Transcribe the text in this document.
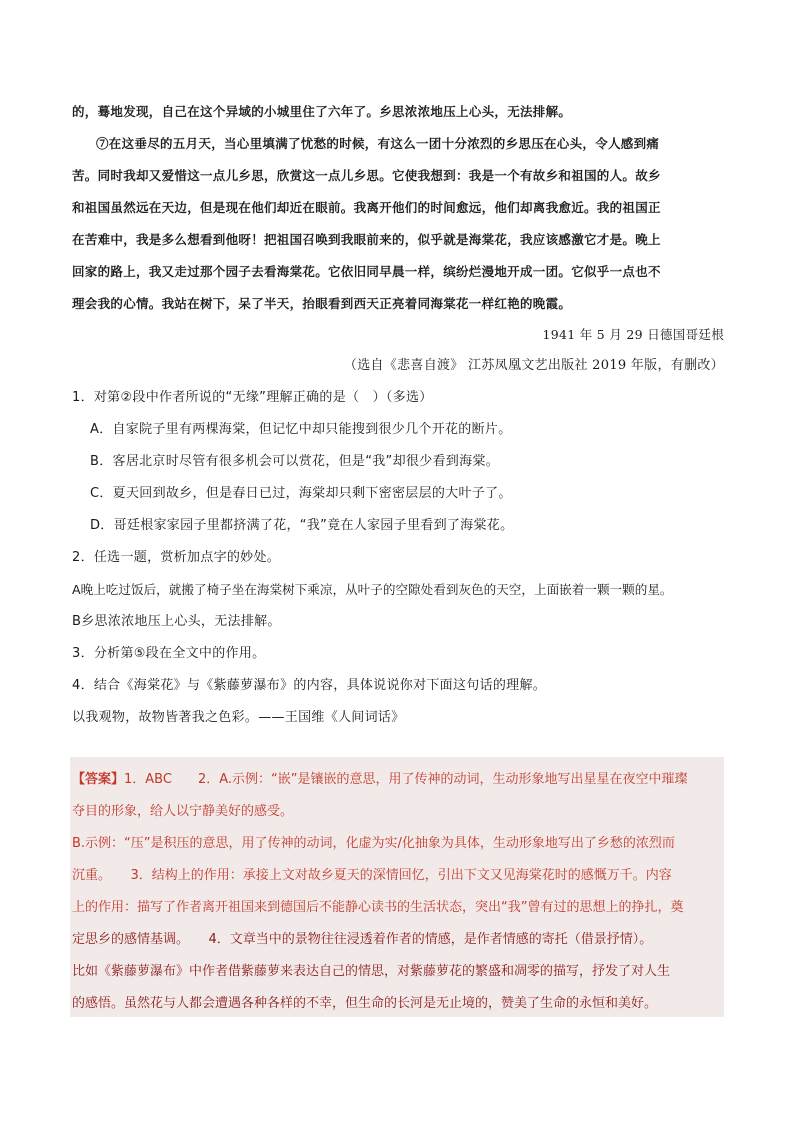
的，蓦地发现，自己在这个异域的小城里住了六年了。乡思浓浓地压上心头，无法排解。
⑦在这垂尽的五月天，当心里填满了忧愁的时候，有这么一团十分浓烈的乡思压在心头，令人感到痛
苦。同时我却又爱惜这一点儿乡思，欣赏这一点儿乡思。它使我想到：我是一个有故乡和祖国的人。故乡
和祖国虽然远在天边，但是现在他们却近在眼前。我离开他们的时间愈远，他们却离我愈近。我的祖国正
在苦难中，我是多么想看到他呀！把祖国召唤到我眼前来的，似乎就是海棠花，我应该感激它才是。晚上
回家的路上，我又走过那个园子去看海棠花。它依旧同早晨一样，缤纷烂漫地开成一团。它似乎一点也不
理会我的心情。我站在树下，呆了半天，抬眼看到西天正亮着同海棠花一样红艳的晚霞。
1941 年 5 月 29 日德国哥廷根
（选自《悲喜自渡》 江苏凤凰文艺出版社 2019 年版，有删改）
1．对第②段中作者所说的“无缘”理解正确的是（　）（多选）
A．自家院子里有两棵海棠，但记忆中却只能搜到很少几个开花的断片。
B．客居北京时尽管有很多机会可以赏花，但是“我”却很少看到海棠。
C．夏天回到故乡，但是春日已过，海棠却只剩下密密层层的大叶子了。
D．哥廷根家家园子里都挤满了花，“我”竟在人家园子里看到了海棠花。
2．任选一题，赏析加点字的妙处。
A晚上吃过饭后，就搬了椅子坐在海棠树下乘凉，从叶子的空隙处看到灰色的天空，上面嵌着一颗一颗的星。
B乡思浓浓地压上心头，无法排解。
3．分析第⑤段在全文中的作用。
4．结合《海棠花》与《紫藤萝瀑布》的内容，具体说说你对下面这句话的理解。
以我观物，故物皆著我之色彩。——王国维《人间词话》
【答案】1．ABC　　2．A.示例：“嵌”是镶嵌的意思，用了传神的动词，生动形象地写出星星在夜空中璀璨
夺目的形象，给人以宁静美好的感受。
B.示例：“压”是积压的意思，用了传神的动词，化虚为实/化抽象为具体，生动形象地写出了乡愁的浓烈而
沉重。　　3．结构上的作用：承接上文对故乡夏天的深情回忆，引出下文又见海棠花时的感慨万千。内容
上的作用：描写了作者离开祖国来到德国后不能静心读书的生活状态，突出“我”曾有过的思想上的挣扎，奠
定思乡的感情基调。　　4．文章当中的景物往往浸透着作者的情感，是作者情感的寄托（借景抒情）。
比如《紫藤萝瀑布》中作者借紫藤萝来表达自己的情思，对紫藤萝花的繁盛和凋零的描写，抒发了对人生
的感悟。虽然花与人都会遭遇各种各样的不幸，但生命的长河是无止境的，赞美了生命的永恒和美好。
